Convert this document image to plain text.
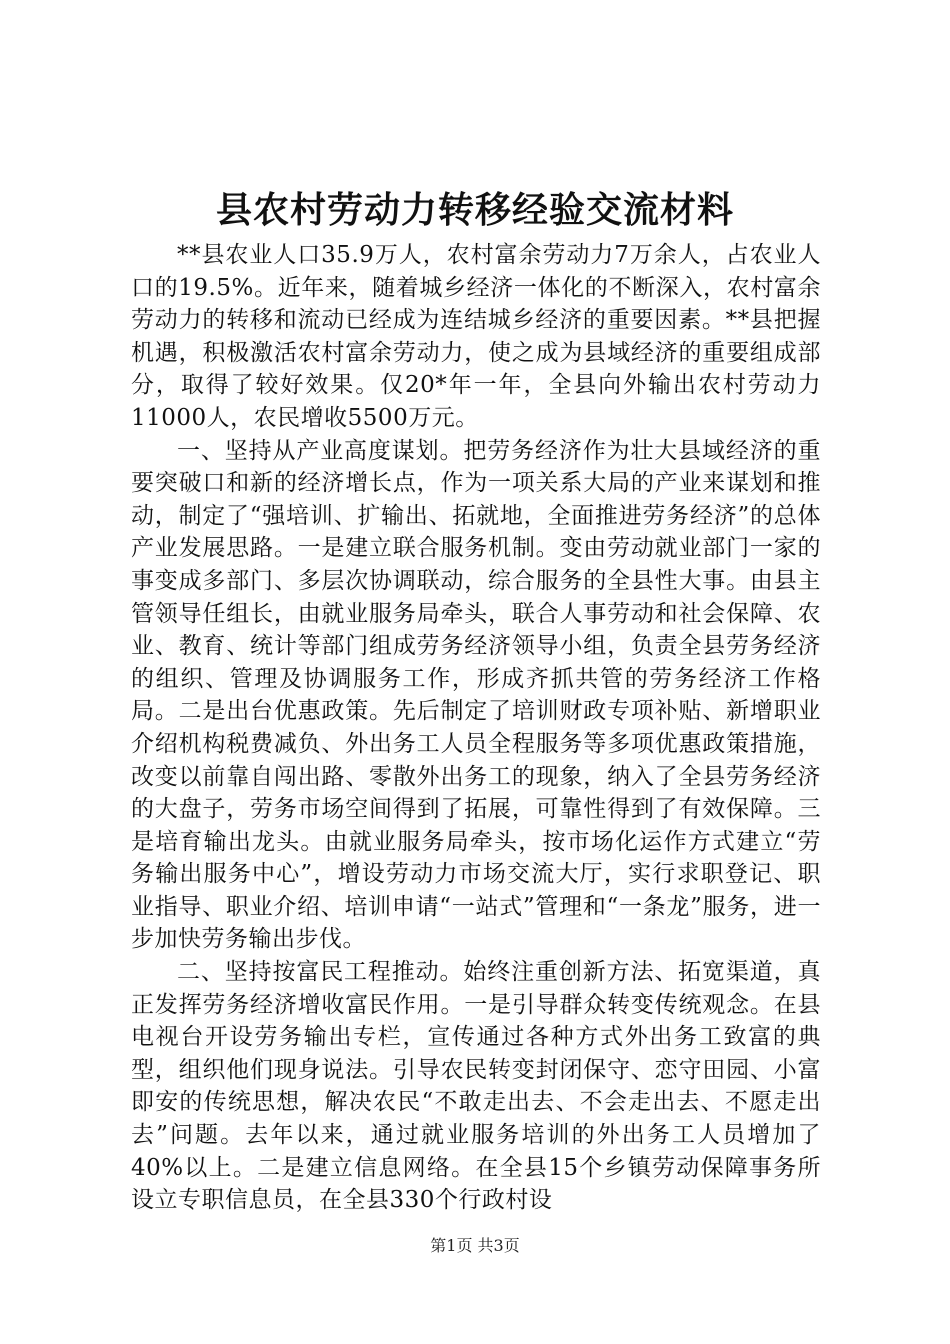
县农村劳动力转移经验交流材料

**县农业人口35.9万人，农村富余劳动力7万余人，占农业人口的19.5%。近年来，随着城乡经济一体化的不断深入，农村富余劳动力的转移和流动已经成为连结城乡经济的重要因素。**县把握机遇，积极激活农村富余劳动力，使之成为县域经济的重要组成部分，取得了较好效果。仅20*年一年，全县向外输出农村劳动力11000人，农民增收5500万元。

一、坚持从产业高度谋划。把劳务经济作为壮大县域经济的重要突破口和新的经济增长点，作为一项关系大局的产业来谋划和推动，制定了“强培训、扩输出、拓就地，全面推进劳务经济”的总体产业发展思路。一是建立联合服务机制。变由劳动就业部门一家的事变成多部门、多层次协调联动，综合服务的全县性大事。由县主管领导任组长，由就业服务局牵头，联合人事劳动和社会保障、农业、教育、统计等部门组成劳务经济领导小组，负责全县劳务经济的组织、管理及协调服务工作，形成齐抓共管的劳务经济工作格局。二是出台优惠政策。先后制定了培训财政专项补贴、新增职业介绍机构税费减负、外出务工人员全程服务等多项优惠政策措施，改变以前靠自闯出路、零散外出务工的现象，纳入了全县劳务经济的大盘子，劳务市场空间得到了拓展，可靠性得到了有效保障。三是培育输出龙头。由就业服务局牵头，按市场化运作方式建立“劳务输出服务中心”，增设劳动力市场交流大厅，实行求职登记、职业指导、职业介绍、培训申请“一站式”管理和“一条龙”服务，进一步加快劳务输出步伐。

二、坚持按富民工程推动。始终注重创新方法、拓宽渠道，真正发挥劳务经济增收富民作用。一是引导群众转变传统观念。在县电视台开设劳务输出专栏，宣传通过各种方式外出务工致富的典型，组织他们现身说法。引导农民转变封闭保守、恋守田园、小富即安的传统思想，解决农民“不敢走出去、不会走出去、不愿走出去”问题。去年以来，通过就业服务培训的外出务工人员增加了40%以上。二是建立信息网络。在全县15个乡镇劳动保障事务所设立专职信息员，在全县330个行政村设

第1页 共3页
